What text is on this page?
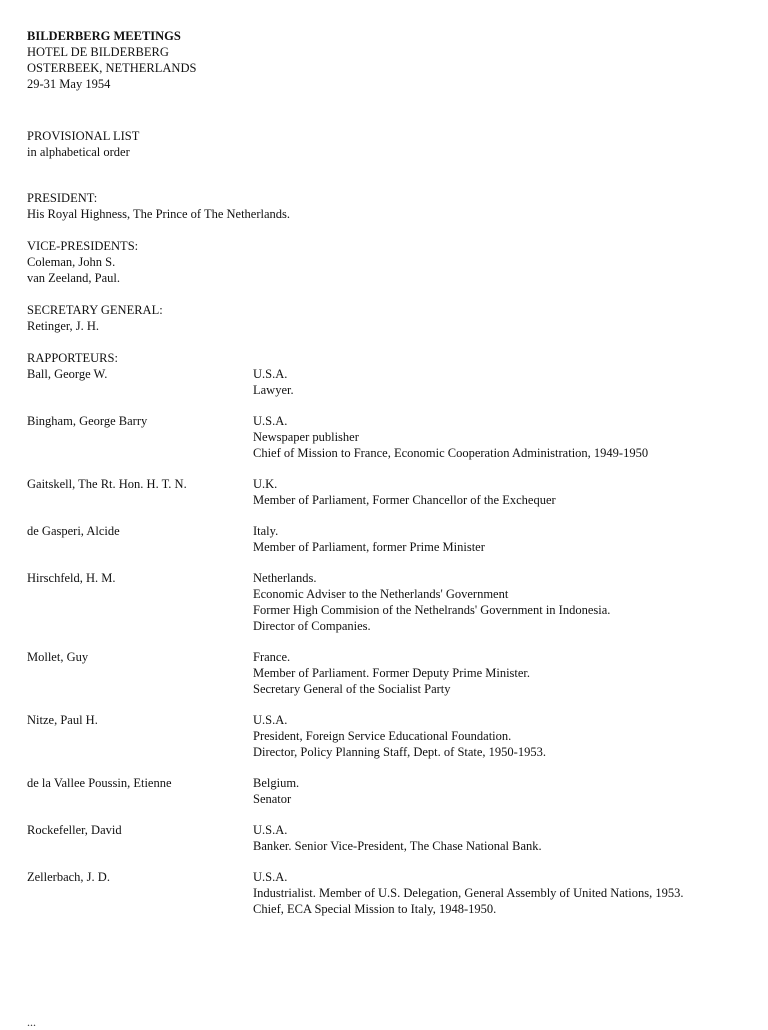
BILDERBERG MEETINGS
HOTEL DE BILDERBERG
OSTERBEEK, NETHERLANDS
29-31 May 1954
PROVISIONAL LIST
in alphabetical order
PRESIDENT:
His Royal Highness, The Prince of The Netherlands.
VICE-PRESIDENTS:
Coleman, John S.
van Zeeland, Paul.
SECRETARY GENERAL:
Retinger, J. H.
RAPPORTEURS:
Ball, George W.	U.S.A.
Lawyer.
Bingham, George Barry	U.S.A.
Newspaper publisher
Chief of Mission to France, Economic Cooperation Administration, 1949-1950
Gaitskell, The Rt. Hon. H. T. N.	U.K.
Member of Parliament, Former Chancellor of the Exchequer
de Gasperi, Alcide	Italy.
Member of Parliament, former Prime Minister
Hirschfeld, H. M.	Netherlands.
Economic Adviser to the Netherlands' Government
Former High Commision of the Nethelrands' Government in Indonesia.
Director of Companies.
Mollet, Guy	France.
Member of Parliament. Former Deputy Prime Minister.
Secretary General of the Socialist Party
Nitze, Paul H.	U.S.A.
President, Foreign Service Educational Foundation.
Director, Policy Planning Staff, Dept. of State, 1950-1953.
de la Vallee Poussin, Etienne	Belgium.
Senator
Rockefeller, David	U.S.A.
Banker. Senior Vice-President, The Chase National Bank.
Zellerbach, J. D.	U.S.A.
Industrialist. Member of U.S. Delegation, General Assembly of United Nations, 1953.
Chief, ECA Special Mission to Italy, 1948-1950.
...
